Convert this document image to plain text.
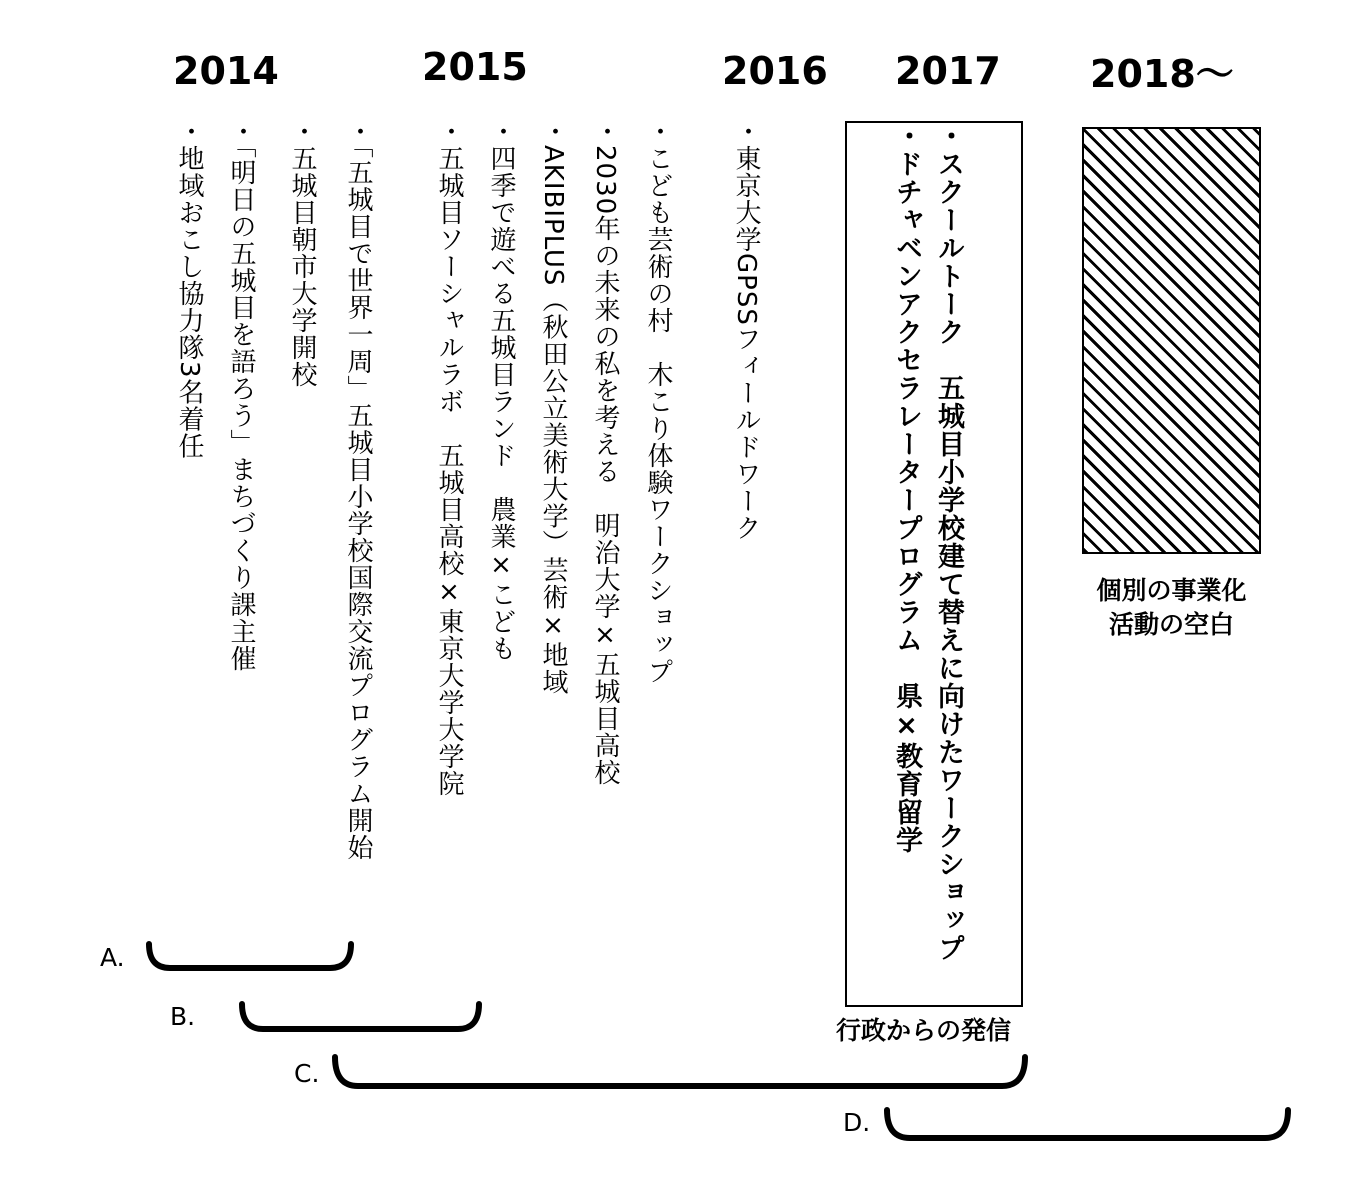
2014	2015	2016 2017 2018〜
・地域おこし協力隊3名着任 ・「明日の五城目を語ろう」まちづくり課主催 ・五城目朝市大学開校 ・「五城目で世界一周」五城目小学校国際交流プログラム開始 ・五城目ソーシャルラボ　五城目高校×東京大学大学院 ・四季で遊べる五城目ランド　農業×こども ・AKIBIPLUS（秋田公立美術大学）芸術×地域 ・2030年の未来の私を考える　明治大学×五城目高校 ・こども芸術の村　木こり体験ワークショップ ・東京大学GPSSフィールドワーク	・スクールトーク　五城目小学校建て替えに向けたワークショップ
・ドチャベンアクセラレータープログラム　県×教育留学
行政からの発信
個別の事業化
活動の空白
A.
B.
C.
D.
